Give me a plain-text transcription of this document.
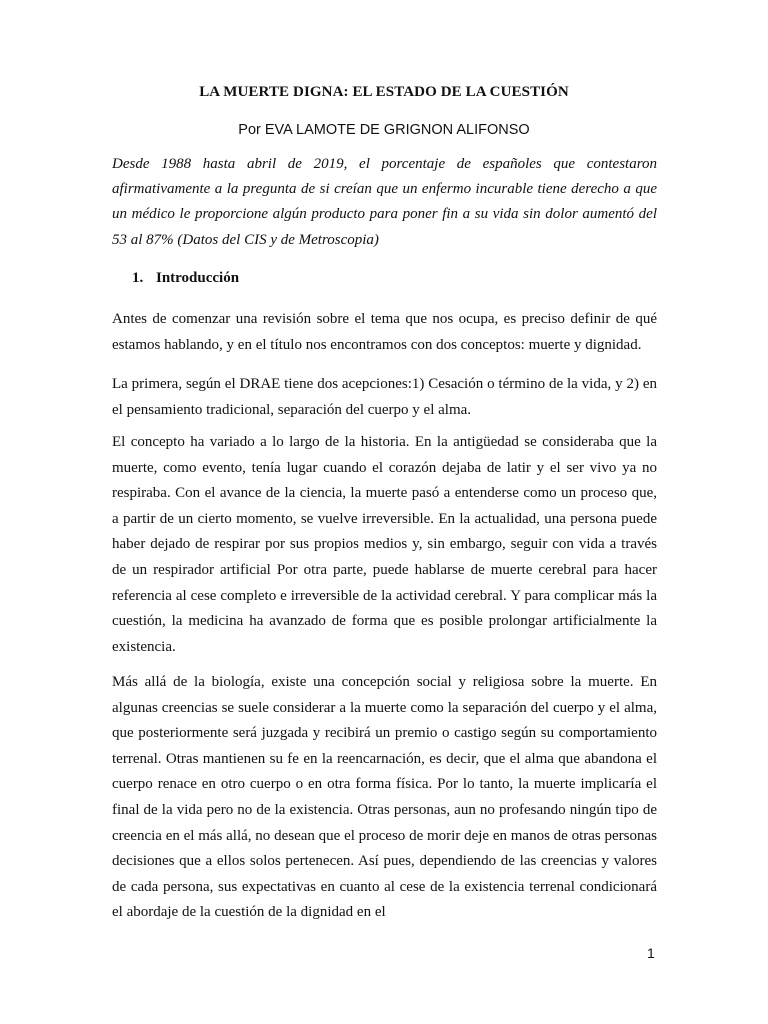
LA MUERTE DIGNA: EL ESTADO DE LA CUESTIÓN
Por EVA LAMOTE DE GRIGNON ALIFONSO
Desde 1988 hasta abril de 2019, el porcentaje de españoles que contestaron afirmativamente a la pregunta de si creían que un enfermo incurable tiene derecho a que un médico le proporcione algún producto para poner fin a su vida sin dolor aumentó del 53 al 87% (Datos del CIS y de Metroscopia)
1. Introducción
Antes de comenzar una revisión sobre el tema que nos ocupa, es preciso definir de qué estamos hablando, y en el título nos encontramos con dos conceptos: muerte y dignidad.
La primera, según el DRAE tiene dos acepciones:1) Cesación o término de la vida, y 2) en el pensamiento tradicional, separación del cuerpo y el alma.
El concepto ha variado a lo largo de la historia. En la antigüedad se consideraba que la muerte, como evento, tenía lugar cuando el corazón dejaba de latir y el ser vivo ya no respiraba. Con el avance de la ciencia, la muerte pasó a entenderse como un proceso que, a partir de un cierto momento, se vuelve irreversible. En la actualidad, una persona puede haber dejado de respirar por sus propios medios y, sin embargo, seguir con vida a través de un respirador artificial Por otra parte, puede hablarse de muerte cerebral para hacer referencia al cese completo e irreversible de la actividad cerebral. Y para complicar más la cuestión, la medicina ha avanzado de forma que es posible prolongar artificialmente la existencia.
Más allá de la biología, existe una concepción social y religiosa sobre la muerte. En algunas creencias se suele considerar a la muerte como la separación del cuerpo y el alma, que posteriormente será juzgada y recibirá un premio o castigo según su comportamiento terrenal. Otras mantienen su fe en la reencarnación, es decir, que el alma que abandona el cuerpo renace en otro cuerpo o en otra forma física. Por lo tanto, la muerte implicaría el final de la vida pero no de la existencia. Otras personas, aun no profesando ningún tipo de creencia en el más allá, no desean que el proceso de morir deje en manos de otras personas decisiones que a ellos solos pertenecen. Así pues, dependiendo de las creencias y valores de cada persona, sus expectativas en cuanto al cese de la existencia terrenal condicionará el abordaje de la cuestión de la dignidad en el
1
